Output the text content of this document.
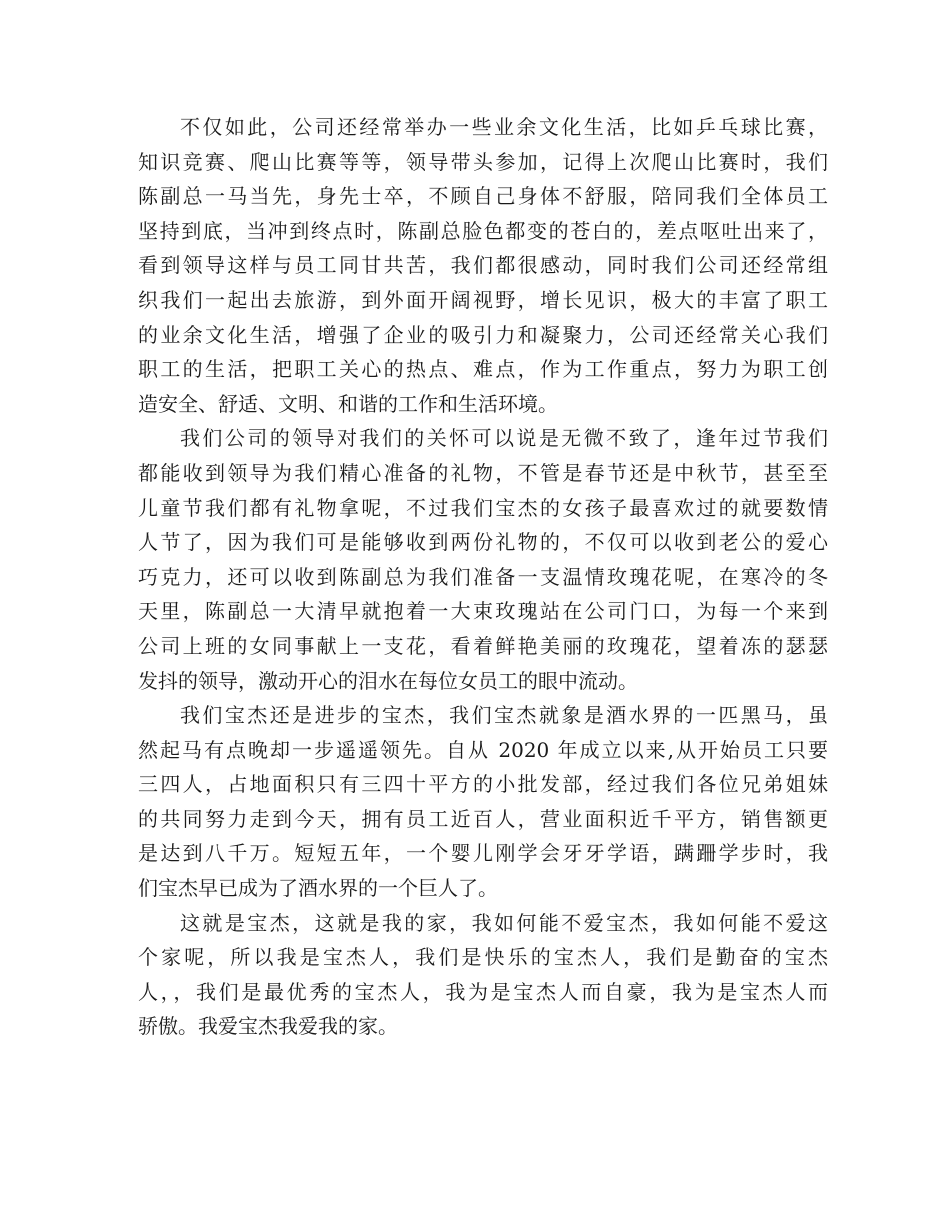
不仅如此，公司还经常举办一些业余文化生活，比如乒乓球比赛，
知识竞赛、爬山比赛等等，领导带头参加，记得上次爬山比赛时，我们
陈副总一马当先，身先士卒，不顾自己身体不舒服，陪同我们全体员工
坚持到底，当冲到终点时，陈副总脸色都变的苍白的，差点呕吐出来了，
看到领导这样与员工同甘共苦，我们都很感动，同时我们公司还经常组
织我们一起出去旅游，到外面开阔视野，增长见识，极大的丰富了职工
的业余文化生活，增强了企业的吸引力和凝聚力，公司还经常关心我们
职工的生活，把职工关心的热点、难点，作为工作重点，努力为职工创
造安全、舒适、文明、和谐的工作和生活环境。
我们公司的领导对我们的关怀可以说是无微不致了，逢年过节我们
都能收到领导为我们精心准备的礼物，不管是春节还是中秋节，甚至至
儿童节我们都有礼物拿呢，不过我们宝杰的女孩子最喜欢过的就要数情
人节了，因为我们可是能够收到两份礼物的，不仅可以收到老公的爱心
巧克力，还可以收到陈副总为我们准备一支温情玫瑰花呢，在寒冷的冬
天里，陈副总一大清早就抱着一大束玫瑰站在公司门口，为每一个来到
公司上班的女同事献上一支花，看着鲜艳美丽的玫瑰花，望着冻的瑟瑟
发抖的领导，激动开心的泪水在每位女员工的眼中流动。
我们宝杰还是进步的宝杰，我们宝杰就象是酒水界的一匹黑马，虽
然起马有点晚却一步遥遥领先。自从 2020 年成立以来,从开始员工只要
三四人，占地面积只有三四十平方的小批发部，经过我们各位兄弟姐妹
的共同努力走到今天，拥有员工近百人，营业面积近千平方，销售额更
是达到八千万。短短五年，一个婴儿刚学会牙牙学语，蹒跚学步时，我
们宝杰早已成为了酒水界的一个巨人了。
这就是宝杰，这就是我的家，我如何能不爱宝杰，我如何能不爱这
个家呢，所以我是宝杰人，我们是快乐的宝杰人，我们是勤奋的宝杰
人，，我们是最优秀的宝杰人，我为是宝杰人而自豪，我为是宝杰人而
骄傲。我爱宝杰我爱我的家。
